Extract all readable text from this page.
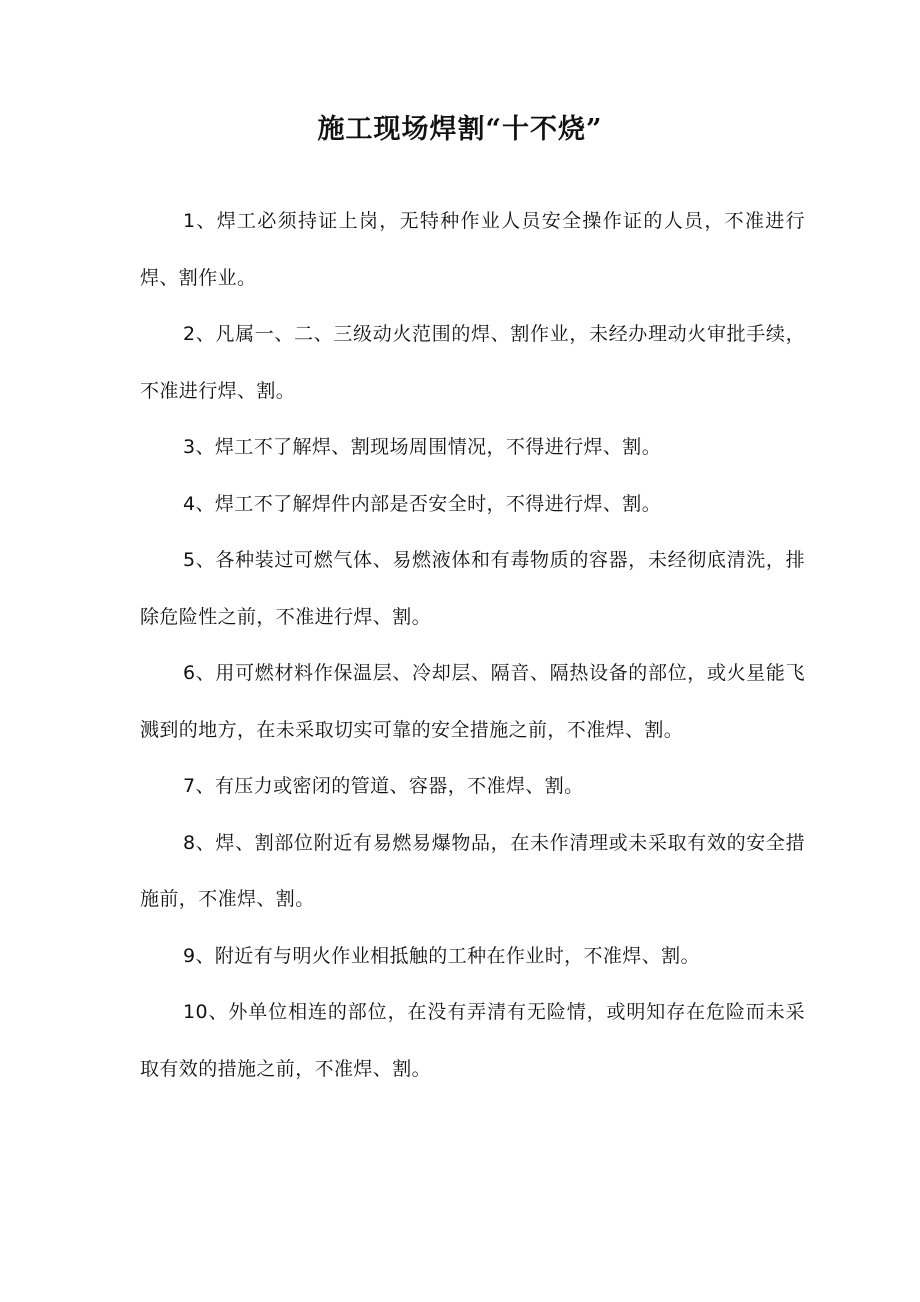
施工现场焊割“十不烧”

1、焊工必须持证上岗，无特种作业人员安全操作证的人员，不准进行焊、割作业。

2、凡属一、二、三级动火范围的焊、割作业，未经办理动火审批手续，不准进行焊、割。

3、焊工不了解焊、割现场周围情况，不得进行焊、割。

4、焊工不了解焊件内部是否安全时，不得进行焊、割。

5、各种装过可燃气体、易燃液体和有毒物质的容器，未经彻底清洗，排除危险性之前，不准进行焊、割。

6、用可燃材料作保温层、冷却层、隔音、隔热设备的部位，或火星能飞溅到的地方，在未采取切实可靠的安全措施之前，不准焊、割。

7、有压力或密闭的管道、容器，不准焊、割。

8、焊、割部位附近有易燃易爆物品，在未作清理或未采取有效的安全措施前，不准焊、割。

9、附近有与明火作业相抵触的工种在作业时，不准焊、割。

10、外单位相连的部位，在没有弄清有无险情，或明知存在危险而未采取有效的措施之前，不准焊、割。
